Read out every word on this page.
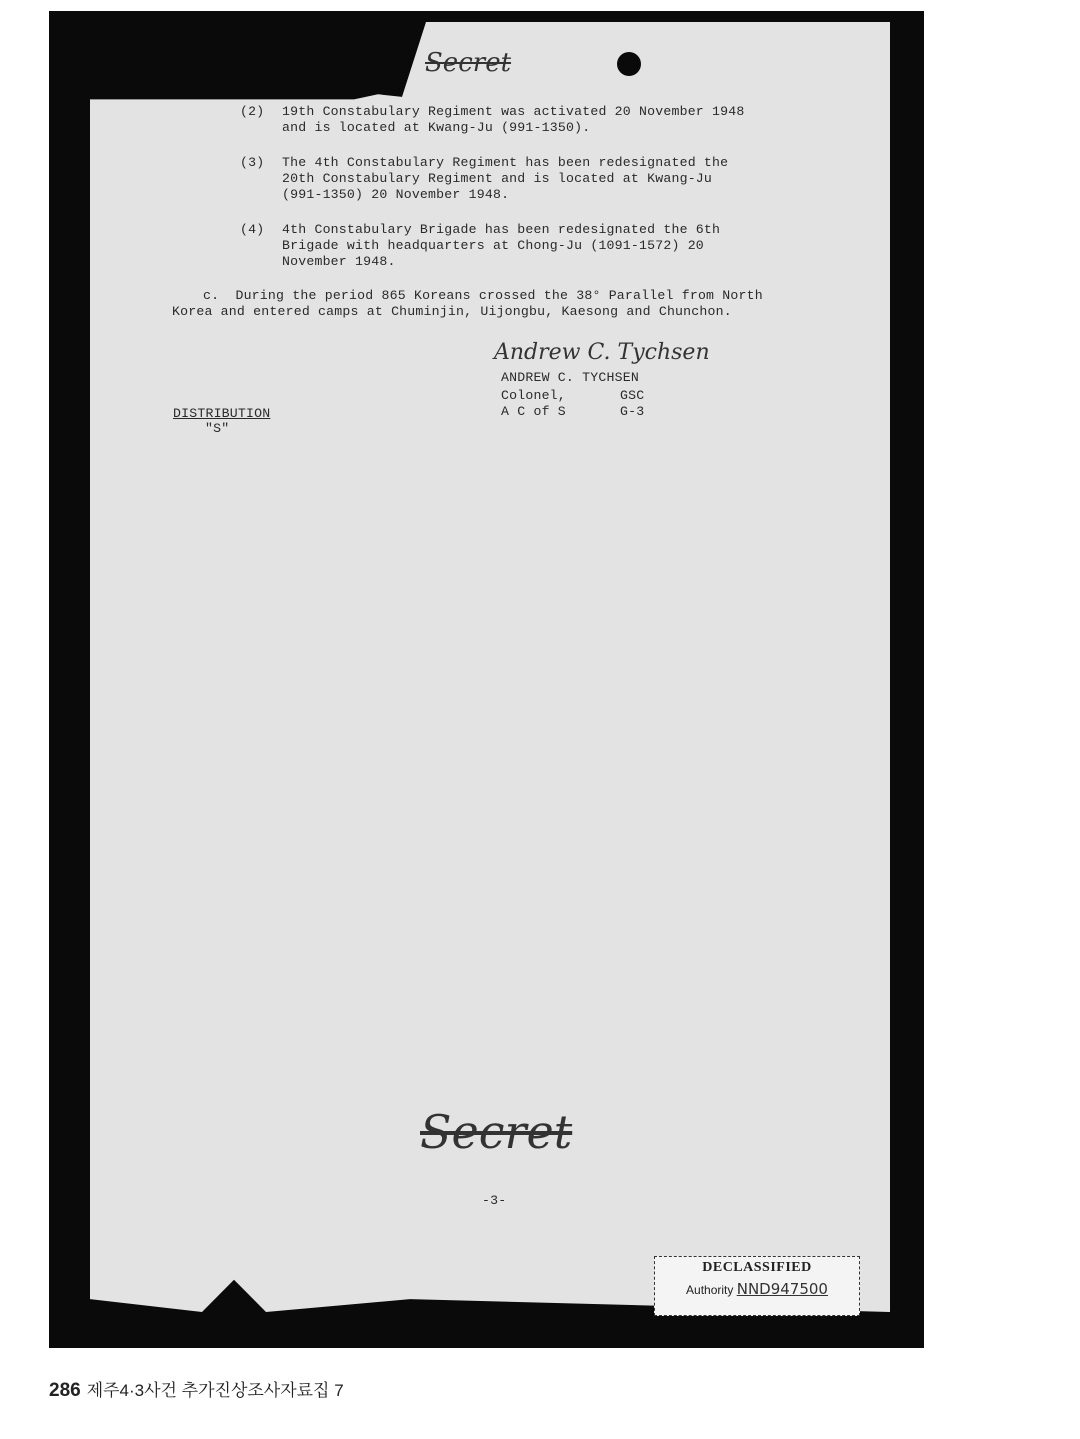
Secret
(2) 19th Constabulary Regiment was activated 20 November 1948
and is located at Kwang-Ju (991-1350).
(3) The 4th Constabulary Regiment has been redesignated the
20th Constabulary Regiment and is located at Kwang-Ju
(991-1350) 20 November 1948.
(4) 4th Constabulary Brigade has been redesignated the 6th
Brigade with headquarters at Chong-Ju (1091-1572) 20
November 1948.
c.  During the period 865 Koreans crossed the 38° Parallel from North
Korea and entered camps at Chuminjin, Uijongbu, Kaesong and Chunchon.
Andrew C. Tychsen
ANDREW C. TYCHSEN
Colonel,	GSC
A C of S	G-3
DISTRIBUTION
"S"
Secret
-3-
DECLASSIFIED
Authority NND947500
286 제주4·3사건 추가진상조사자료집 7
